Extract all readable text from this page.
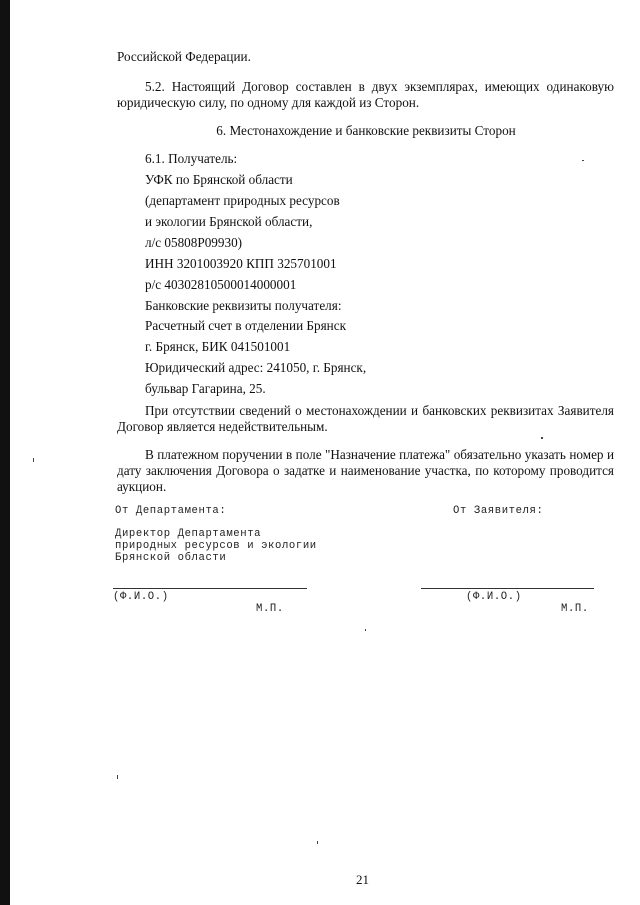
Российской Федерации.
5.2. Настоящий Договор составлен в двух экземплярах, имеющих одинаковую юридическую силу, по одному для каждой из Сторон.
6. Местонахождение и банковские реквизиты Сторон
6.1. Получатель:
УФК по Брянской области
(департамент природных ресурсов
и экологии Брянской области,
л/с 05808Р09930)
ИНН 3201003920 КПП 325701001
р/с 40302810500014000001
Банковские реквизиты получателя:
Расчетный счет в отделении Брянск
г. Брянск, БИК 041501001
Юридический адрес: 241050, г. Брянск,
бульвар Гагарина, 25.
При отсутствии сведений о местонахождении и банковских реквизитах Заявителя Договор является недействительным.
В платежном поручении в поле "Назначение платежа" обязательно указать номер и дату заключения Договора о задатке и наименование участка, по которому проводится аукцион.
От Департамента:	От Заявителя:
Директор Департамента
природных ресурсов и экологии
Брянской области
(Ф.И.О.)	(Ф.И.О.)
М.П.	М.П.
21
